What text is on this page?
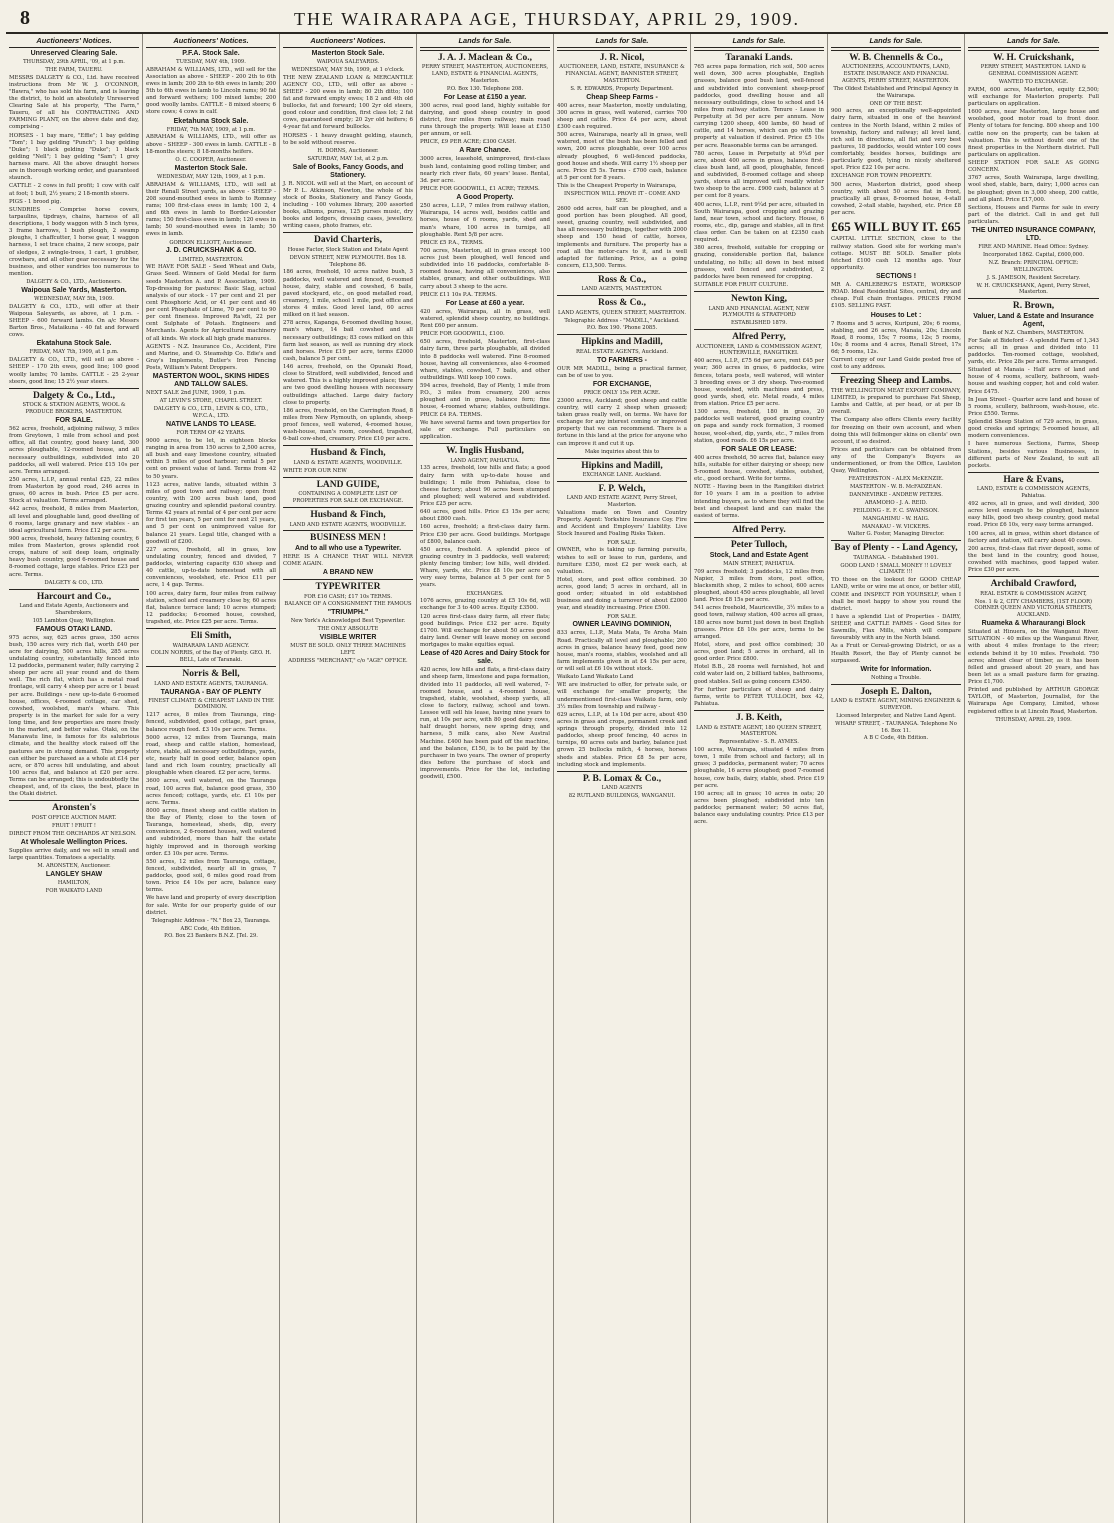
8	THE WAIRARAPA AGE, THURSDAY, APRIL 29, 1909.
Auctioneers' Notices.
Unreserved Clearing Sale.
THURSDAY, 29th APRIL, '09, at 1 p.m.
THE FARM, TAUERU.
MESSRS DALGETY & CO., Ltd. have received instructions from Mr W. J. O'CONNOR, "Bawra," who has sold his farm, and is leaving the district, to hold an absolutely Unreserved Clearing Sale at his property, "The Farm," Taueru, of all his CONTRACTING AND FARMING PLANT, on the above date and day, comprising -
HORSES - 1 bay mare, "Effie"; 1 bay gelding "Tom"; 1 bay gelding "Punch"; 1 bay gelding "Duke"; 1 black gelding "Duke"; 1 black gelding "Nell"; 1 bay gelding "Sam"; 1 grey harness mare. All the above draught horses are in thorough working order, and guaranteed staunch.
CATTLE - 2 cows in full profit; 1 cow with calf at foot; 1 bull, 2½ years; 2 18-month steers.
PIGS - 1 brood pig.
SUNDRIES - Comprise horse covers, tarpaulins, tipdrays, chains, harness of all descriptions, 1 body waggon with 5 inch tyres, 3 frame harrows, 1 bush plough, 2 swamp ploughs, 1 chaffcutter, 1 horse gear, 1 waggon harness, 1 set trace chains, 2 new scoops, pair of sledges, 2 swingle-trees, 1 cart, 1 grubber, crowbars, and all other gear necessary for the business, and other sundries too numerous to mention.
DALGETY & CO., LTD., Auctioneers.
Waipoua Sale Yards, Masterton.
WEDNESDAY, MAY 5th, 1909.
DALGETY & CO., LTD., will offer at their Waipoua Saleyards, as above, at 1 p.m. - SHEEP - 600 forward lambs. On a/c Messrs Barton Bros., Mataikuna - 40 fat and forward cows.
Ekatahuna Stock Sale.
FRIDAY, MAY 7th, 1909, at 1 p.m.
DALGETY & CO., LTD., will sell as above - SHEEP - 170 2th ewes, good line; 100 good woolly lambs; 70 lambs. CATTLE - 25 2-year steers, good line; 15 2½ year steers.
Dalgety & Co., Ltd.,
STOCK & STATION AGENTS, WOOL & PRODUCE BROKERS, MASTERTON.
FOR SALE.
562 acres, freehold, adjoining railway, 3 miles from Greytown, 1 mile from school and post office, all flat country, good heavy land, 300 acres ploughable, 12-roomed house, and all necessary outbuildings, subdivided into 20 paddocks, all well watered. Price £15 10s per acre. Terms arranged.
250 acres, L.I.P., annual rental £25, 22 miles from Masterton by good road, 246 acres in grass, 60 acres in bush. Price £5 per acre. Stock at valuation. Terms arranged.
442 acres, freehold, 8 miles from Masterton, all level and ploughable land, good dwelling of 6 rooms, large granary and new stables - an ideal agricultural farm. Price £12 per acre.
900 acres, freehold, heavy fattening country, 6 miles from Masterton, grows splendid root crops, nature of soil deep loam, originally heavy bush country, good 6-roomed house and 8-roomed cottage, large stables. Price £23 per acre. Terms.
DALGETY & CO., LTD.
Harcourt and Co.,
Land and Estate Agents, Auctioneers and Sharebrokers,
105 Lambton Quay, Wellington.
FAMOUS OTAKI LAND.
975 acres, say, 625 acres grass, 350 acres bush, 150 acres very rich flat, worth £40 per acre for dairying, 500 acres hills, 285 acres undulating country, substantially fenced into 12 paddocks, permanent water, fully carrying 2 sheep per acre all year round and do them well. The rich flat, which has a metal road frontage, will carry 4 sheep per acre or 1 beast per acre. Buildings - new up-to-date 6-roomed house, offices, 4-roomed cottage, car shed, cowshed, woolshed, man's whare. This property is in the market for sale for a very long time, and few properties are more freely in the market, and better value. Otaki, on the Manawatu line, is famous for its salubrious climate, and the healthy stock raised off the pastures are in strong demand. This property can either be purchased as a whole at £14 per acre, or 870 acres hill undulating, and about 100 acres flat, and balance at £20 per acre. Terms can be arranged; this is undoubtedly the cheapest, and, of its class, the best, place in the Otaki district.
Aronsten's
POST OFFICE AUCTION MART.
FRUIT ! FRUIT !
DIRECT FROM THE ORCHARDS AT NELSON.
At Wholesale Wellington Prices.
Supplies arrive daily, and we sell in small and large quantities. Tomatoes a speciality.
M. ARONSTEN, Auctioneer.
LANGLEY SHAW
HAMILTON,
FOR WAIKATO LAND
Auctioneers' Notices.
P.F.A. Stock Sale.
TUESDAY, MAY 4th, 1909.
ABRAHAM & WILLIAMS, LTD., will sell for the Association as above - SHEEP - 200 2th to 6th ewes in lamb; 200 2th to 6th ewes in lamb; 200 5th to 6th ewes in lamb to Lincoln rams; 90 fat and forward wethers; 100 mixed lambs; 200 good woolly lambs. CATTLE - 8 mixed steers; 6 store cows; 4 cows in calf.
Eketahuna Stock Sale.
FRIDAY, 7th MAY, 1909, at 1 p.m.
ABRAHAM & WILLIAMS, LTD., will offer as above - SHEEP - 300 ewes in lamb. CATTLE - 8 18-months steers; 8 18-months heifers.
O. C. COOPER, Auctioneer.
Masterton Stock Sale.
WEDNESDAY, MAY 12th, 1909, at 1 p.m.
ABRAHAM & WILLIAMS, LTD., will sell at their Renall Street yards, as above - SHEEP - 208 sound-mouthed ewes in lamb to Romney rams; 100 first-class ewes in lamb; 100 2, 4 and 6th ewes in lamb to Border-Leicester rams; 150 first-class ewes in lamb; 120 ewes in lamb; 50 sound-mouthed ewes in lamb; 50 ewes in lamb.
GORDON ELLIOTT, Auctioneer.
J. D. CRUICKSHANK & CO.
LIMITED, MASTERTON.
WE HAVE FOR SALE - Seed Wheat and Oats, Grass Seed. Winners of Gold Medal for farm seeds Masterton A. and P. Association, 1909. Top-dressing for pastures: Basic Slag, actual analysis of our stock - 17 per cent and 21 per cent Phosphoric Acid, or 41 per cent and 46 per cent Phosphate of Lime, 70 per cent to 90 per cent fineness. Improved Ra'sdt, 22 per cent Sulphate of Potash. Engineers and Merchants. Agents for Agricultural machinery of all kinds. We stock all high grade manures.
AGENTS - N.Z. Insurance Co., Accident, Fire and Marine, and O. Steamship Co. Edie's and Gray's Implements, Butler's Iron Fencing Posts, William's Patent Droppers.
MASTERTON WOOL, SKINS HIDES AND TALLOW SALES.
NEXT SALE 2nd JUNE, 1909, 1 p.m.
AT LEVIN'S STORE, CHAPEL STREET.
DALGETY & CO., LTD., LEVIN & CO., LTD., W.F.C.A., LTD.
NATIVE LANDS TO LEASE.
FOR TERM OF 42 YEARS.
9000 acres, to be let, in eighteen blocks ranging in area from 150 acres to 2,500 acres, all bush and easy limestone country, situated within 5 miles of good harbour; rental 5 per cent on present value of land. Terms from 42 to 50 years.
1123 acres, native lands, situated within 3 miles of good town and railway; open front country, with 200 acres bush land, good grazing country and splendid pastoral country. Terms 42 years at rental of 4 per cent per acre for first ten years, 5 per cent for next 21 years, and 5 per cent on unimproved value for balance 21 years. Legal title, changed with a goodwill of £200.
227 acres, freehold, all in grass, low undulating country, fenced and divided, 7 paddocks, wintering capacity 630 sheep and 40 cattle, up-to-date homestead with all conveniences, woolshed, etc. Price £11 per acre, 1 4 gap. Terms.
100 acres, dairy farm, four miles from railway station, school and creamery close by, 60 acres flat, balance terrace land; 10 acres stumped; 12 paddocks; 6-roomed house, cowshed, trapshed, etc. Price £25 per acre. Terms.
Eli Smith,
WAIRARAPA LAND AGENCY.
COLIN NORRIS, of the Bay of Plenty. GEO. H. BELL, Late of Taranaki.
Norris & Bell,
LAND AND ESTATE AGENTS, TAURANGA.
TAURANGA - BAY OF PLENTY
FINEST CLIMATE & CHEAPEST LAND IN THE DOMINION.
1217 acres, 8 miles from Tauranga, ring-fenced, subdivided, good cottage, part grass, balance rough feed. £3 10s per acre. Terms.
5000 acres, 12 miles from Tauranga, main road, sheep and cattle station, homestead, store, stable, all necessary outbuildings, yards, etc, nearly half in good order, balance open land and rich loam country, practically all ploughable when cleared. £2 per acre, terms.
3600 acres, well watered, on the Tauranga road, 100 acres flat, balance good grass, 350 acres fenced; cottage, yards, etc. £1 10s per acre. Terms.
8000 acres, finest sheep and cattle station in the Bay of Plenty, close to the town of Tauranga, homestead, sheds, dip, every convenience, 2 6-roomed houses, well watered and subdivided, more than half the estate highly improved and in thorough working order. £3 10s per acre. Terms.
550 acres, 12 miles from Tauranga, cottage, fenced, subdivided, nearly all in grass, 7 paddocks, good soil, 6 miles good road from town. Price £4 10s per acre, balance easy terms.
We have land and property of every description for sale. Write for our property guide of our district.
Telegraphic Address - "N." Box 23, Tauranga.
ABC Code, 4th Edition.
P.O. Box 23 Bankers B.N.Z. [Tel. 29.
Auctioneers' Notices.
Masterton Stock Sale.
WAIPOUA SALEYARDS.
WEDNESDAY, MAY 5th, 1909, at 1 o'clock.
THE NEW ZEALAND LOAN & MERCANTILE AGENCY CO., LTD., will offer as above - SHEEP - 200 ewes in lamb; 80 2th ditto; 100 fat and forward empty ewes; 18 2 and 4th old bullocks, fat and forward; 100 2yr old steers, good colour and condition, first class lot; 2 fat cows, guaranteed empty; 20 2yr old heifers; 6 4-year fat and forward bullocks.
HORSES - 1 heavy draught gelding, staunch, to be sold without reserve.
H. DORNS, Auctioneer.
SATURDAY, MAY 1st, at 2 p.m.
Sale of Books, Fancy Goods, and Stationery.
J. R. NICOL will sell at the Mart, on account of Mr P. L. Atkinson, Newton, the whole of his stock of Books, Stationery and Fancy Goods, including - 100 volumes library, 200 assorted books, albums, purses, 125 purses music, dry books and ledgers, dressing cases, jewellery, writing cases, photo frames, etc.
David Charteris,
House Factor, Stock Station and Estate Agent
DEVON STREET, NEW PLYMOUTH. Box 18. Telephone 86.
186 acres, freehold, 10 acres native bush, 3 paddocks, well watered and fenced, 6-roomed house, dairy, stable and cowshed, 6 bails, paved stockyard, etc., on good metalled road, creamery, 1 mile, school 1 mile, post office and stores 4 miles. Good level land, 60 acres milked on it last season.
278 acres, Kapanga, 6-roomed dwelling house, man's whare, 14 bail cowshed and all necessary outbuildings; 83 cows milked on this farm last season, as well as running dry stock and horses. Price £19 per acre, terms £2000 cash, balance 5 per cent.
146 acres, freehold, on the Opunaki Road, close to Stratford, well subdivided, fenced and watered. This is a highly improved place; there are two good dwelling houses with necessary outbuildings attached. Large dairy factory close to property.
186 acres, freehold, on the Carrington Road, 8 miles from New Plymouth, on uplands, sheep-proof fences, well watered, 4-roomed house, wash-house, man's room, cowshed, trapshed, 6-bail cow-shed, creamery. Price £10 per acre.
Husband & Finch,
LAND & ESTATE AGENTS, WOODVILLE.
WRITE FOR OUR NEW
LAND GUIDE,
CONTAINING A COMPLETE LIST OF PROPERTIES FOR SALE OR EXCHANGE.
Husband & Finch,
LAND AND ESTATE AGENTS, WOODVILLE.
BUSINESS MEN !
And to all who use a Typewriter.
HERE IS A CHANCE THAT WILL NEVER COME AGAIN.
A BRAND NEW
TYPEWRITER
FOR £16 CASH; £17 10s TERMS.
BALANCE OF A CONSIGNMENT THE FAMOUS
"TRIUMPH."
New York's Acknowledged Best Typewriter.
THE ONLY ABSOLUTE
VISIBLE WRITER
MUST BE SOLD. ONLY THREE MACHINES LEFT.
ADDRESS "MERCHANT," c/o "AGE" OFFICE.
Lands for Sale.
J. A. J. Maclean & Co.,
PERRY STREET, MASTERTON, AUCTIONEERS, LAND, ESTATE & FINANCIAL AGENTS, Masterton.
P.O. Box 130. Telephone 208.
For Lease at £150 a year.
300 acres, real good land, highly suitable for dairying, and good sheep country in good district, four miles from railway; main road runs through the property. Will lease at £150 per annum, or sell.
PRICE, £9 PER ACRE; £300 CASH.
A Rare Chance.
3000 acres, leasehold, unimproved, first-class bush land, containing good rolling timber, and nearly rich river flats, 60 years' lease. Rental, 3d. per acre.
PRICE FOR GOODWILL, £1 ACRE; TERMS.
A Good Property.
250 acres, L.I.P., 7 miles from railway station, Wairarapa, 14 acres well, besides cattle and horses, house of 6 rooms, yards, shed and man's whare, 100 acres in turnips, all ploughable. Rent 5/8 per acre.
PRICE £5 P.A., TERMS.
700 acres, Masterton, all in grass except 100 acres just been ploughed, well fenced and subdivided into 16 paddocks, comfortable 8-roomed house, having all conveniences, also stables, granary, and other outbuildings. Will carry about 3 sheep to the acre.
PRICE £11 10s P.A. TERMS.
For Lease at £60 a year.
420 acres, Wairarapa, all in grass, well watered, splendid sheep country, no buildings. Rent £60 per annum.
PRICE FOR GOODWILL, £100.
650 acres, freehold, Masterton, first-class dairy farm, three parts ploughable, all divided into 8 paddocks well watered. Fine 8-roomed house, having all conveniences, also 4-roomed whare, stables, cowshed, 7 bails, and other outbuildings. Will keep 100 cows.
594 acres, freehold, Bay of Plenty, 1 mile from P.O., 3 miles from creamery, 200 acres ploughed and in grass, balance fern; fine house, 4-roomed whare; stables, outbuildings. PRICE £4 P.A. TERMS.
We have several farms and town properties for sale or exchange. Full particulars on application.
W. Inglis Husband,
LAND AGENT, PAHIATUA.
135 acres, freehold, low hills and flats; a good dairy farm with up-to-date house and buildings; 1 mile from Pahiatua, close to cheese factory; about 90 acres been stumped and ploughed; well watered and subdivided. Price £25 per acre.
640 acres, good hills. Price £3 15s per acre; about £800 cash.
160 acres, freehold; a first-class dairy farm. Price £30 per acre. Good buildings. Mortgage of £800, balance cash.
450 acres, freehold. A splendid piece of grazing country in 3 paddocks, well watered; plenty fencing timber; low hills, well divided. Whare, yards, etc. Price £8 10s per acre on very easy terms, balance at 5 per cent for 5 years.
EXCHANGES.
1076 acres, grazing country at £5 10s 6d, will exchange for 3 to 400 acres. Equity £3500.
120 acres first-class dairy farm, all river flats; good buildings. Price £32 per acre. Equity £1700. Will exchange for about 50 acres good dairy land. Owner will leave money on second mortgages to make equities equal.
Lease of 420 Acres and Dairy Stock for sale.
420 acres, low hills and flats, a first-class dairy and sheep farm, limestone and papa formation, divided into 11 paddocks, all well watered, 7-roomed house, and a 4-roomed house, trapshed, stable, woolshed, sheep yards, all close to factory, railway, school and town. Lessee will sell his lease, having nine years to run, at 10s per acre, with 80 good dairy cows, half draught horses, new spring dray, and harness, 5 milk cans, also New Austral Machine. £400 has been paid off the machine, and the balance, £150, is to be paid by the purchaser in two years. The owner of property dies before the purchase of stock and improvements. Price for the lot, including goodwill, £500.
Lands for Sale.
J. R. Nicol,
AUCTIONEER, LAND, ESTATE, INSURANCE & FINANCIAL AGENT, BANNISTER STREET, MASTERTON.
S. R. EDWARDS, Property Department.
Cheap Sheep Farms -
400 acres, near Masterton, mostly undulating, 300 acres in grass, well watered, carries 700 sheep and cattle. Price £4 per acre, about £300 cash required.
500 acres, Wairarapa, nearly all in grass, well watered, most of the bush has been felled and sown, 200 acres ploughable, over 100 acres already ploughed, 6 well-fenced paddocks, good house and sheds. Will carry 1½ sheep per acre. Price £5 5s. Terms - £700 cash, balance at 5 per cent for 8 years.
This is the Cheapest Property in Wairarapa,
INSPECTION WILL PROVE IT - COME AND SEE.
2600 odd acres, half can be ploughed, and a good portion has been ploughed. All good, sweet, grazing country, well subdivided, and has all necessary buildings, together with 2000 sheep and 150 head of cattle, horses, implements and furniture. The property has a road all the motor-cars to it, and is well adapted for fattening. Price, as a going concern, £13,500. Terms.
Ross & Co.,
LAND AGENTS, MASTERTON.
Ross & Co.,
LAND AGENTS, QUEEN STREET, MASTERTON.
Telegraphic Address - "MADILL," Auckland.
P.O. Box 190. 'Phone 2085.
Hipkins and Madill,
REAL ESTATE AGENTS, Auckland.
TO FARMERS -
OUR MR MADILL, being a practical farmer, can be of use to you.
FOR EXCHANGE,
PRICE ONLY 15s PER ACRE.
23000 acres, Auckland; good sheep and cattle country, will carry 2 sheep when grassed; taken grass really well, on terms. We have for exchange for any interest coming or improved property that we can recommend. There is a fortune in this land at the price for anyone who can improve it and cut it up.
Make inquiries about this to
Hipkins and Madill,
EXCHANGE LANE. Auckland.
F. P. Welch,
LAND AND ESTATE AGENT, Perry Street, Masterton.
Valuations made on Town and Country Property. Agent: Yorkshire Insurance Coy. Fire and Accident and Employers' Liability. Live Stock Insured and Foaling Risks Taken.
FOR SALE.
OWNER, who is taking up farming pursuits, wishes to sell or lease to run, gardens, and furniture £350, most £2 per week each, at valuation.
Hotel, store, and post office combined. 30 acres, good land; 5 acres in orchard, all in good order; situated in old established business and doing a turnover of about £2000 year, and steadily increasing. Price £500.
FOR SALE.
OWNER LEAVING DOMINION,
833 acres, L.I.P., Mata Mata, Te Aroha Main Road. Practically all level and ploughable; 200 acres in grass, balance heavy feed, good new house, man's rooms, stables, woolshed and all farm implements given in at £4 15s per acre, or will sell at £6 10s without stock.
Waikato Land Waikato Land
WE are instructed to offer, for private sale, or will exchange for smaller property, the undermentioned first-class Waikato farm, only 3½ miles from township and railway -
629 acres, L.I.P., at 1s 10d per acre, about 450 acres in grass and crops, permanent creek and springs through property, divided into 12 paddocks, sheep proof fencing, 40 acres in turnips, 60 acres oats and barley, balance just grown 25 bullocks milch, 4 horses, horses sheds and stables. Price £8 5s per acre, including stock and implements.
P. B. Lomax & Co.,
LAND AGENTS
82 RUTLAND BUILDINGS, WANGANUI.
Lands for Sale.
Taranaki Lands.
765 acres papa formation, rich soil, 500 acres well down, 300 acres ploughable, English grasses, balance good bush land, well-fenced and subdivided into convenient sheep-proof paddocks, good dwelling house and all necessary outbuildings, close to school and 14 miles from railway station. Tenure - Lease in Perpetuity at 5d per acre per annum. Now carrying 1200 sheep, 400 lambs, 60 head of cattle, and 14 horses, which can go with the property at valuation if desired. Price £5 10s per acre. Reasonable terms can be arranged.
780 acres, Lease in Perpetuity at 9¼d per acre, about 400 acres in grass, balance first-class bush land, all good, ploughable, fenced and subdivided, 8-roomed cottage and sheep yards, stores all improved will readily winter two sheep to the acre. £900 cash, balance at 5 per cent for 8 years.
400 acres, L.I.P., rent 9¼d per acre, situated in South Wairarapa, good cropping and grazing land, near town, school and factory. House, 6 rooms, etc., dip, garage and stables, all in first class order. Can be taken on at £2350 cash required.
380 acres, freehold, suitable for cropping or grazing, considerable portion flat, balance undulating, no hills; all down in best mixed grasses, well fenced and subdivided, 2 paddocks have been renewed for cropping.
SUITABLE FOR FRUIT CULTURE.
Newton King,
LAND AND FINANCIAL AGENT, NEW PLYMOUTH & STRATFORD
ESTABLISHED 1879.
Alfred Perry,
AUCTIONEER, LAND & COMMISSION AGENT, HUNTERVILLE, RANGITIKEI.
400 acres, L.I.P., £75 6d per acre, rent £45 per year; 360 acres in grass, 6 paddocks, wire fences, totara posts, well watered, will winter 3 breeding ewes or 3 dry sheep. Two-roomed house, woolshed, with machines and press, good yards, shed, etc. Metal roads, 4 miles from station. Price £5 per acre.
1300 acres, freehold, 180 in grass, 20 paddocks well watered, good grazing country on papa and sandy rock formation, 3 roomed house, wool-shed, dip, yards, etc., 7 miles from station, good roads. £6 15s per acre.
FOR SALE OR LEASE:
400 acres freehold, 50 acres flat, balance easy hills, suitable for either dairying or sheep; new 5-roomed house, cowshed, stables, outshed, etc., good orchard. Write for terms.
NOTE - Having been in the Rangitikei district for 10 years I am in a position to advise intending buyers, as to where they will find the best and cheapest land and can make the easiest of terms.
Alfred Perry.
Peter Tulloch,
Stock, Land and Estate Agent
MAIN STREET, PAHIATUA.
709 acres freehold; 3 paddocks, 12 miles from Napier, 3 miles from store, post office, blacksmith shop, 2 miles to school, 600 acres ploughed, about 450 acres ploughable, all level land. Price £8 15s per acre.
541 acres freehold, Mauriceville, 3½ miles to a good town, railway station, 400 acres all grass, 180 acres now burnt just down in best English grasses. Price £8 10s per acre, terms to be arranged.
Hotel, store, and post office combined; 30 acres, good land; 5 acres in orchard, all in good order. Price £800.
Hotel B.B., 28 rooms well furnished, hot and cold water laid on, 2 billiard tables, bathrooms, good stables. Sell as going concern £3450.
For further particulars of sheep and dairy farms, write to PETER TULLOCH, box 42, Pahiatua.
J. B. Keith,
LAND & ESTATE AGENT, 180 QUEEN STREET, MASTERTON.
Representative - S. R. AYMES.
100 acres, Wairarapa, situated 4 miles from town, 1 mile from school and factory; all in grass; 3 paddocks, permanent water; 70 acres ploughable, 16 acres ploughed; good 7-roomed house, cow bails, dairy, stable, shed. Price £19 per acre.
190 acres; all in grass; 10 acres in oats; 20 acres been ploughed; subdivided into ten paddocks; permanent water; 50 acres flat, balance easy undulating country. Price £13 per acre.
Lands for Sale.
W. B. Chennells & Co.,
AUCTIONEERS, ACCOUNTANTS, LAND, ESTATE INSURANCE AND FINANCIAL AGENTS, PERRY STREET, MASTERTON.
The Oldest Established and Principal Agency in the Wairarapa.
ONE OF THE BEST.
900 acres, an exceptionally well-appointed dairy farm, situated in one of the heaviest centres in the North Island, within 2 miles of township, factory and railway; all level land, rich soil in directions, all flat and very best pastures, 18 paddocks, would winter 100 cows comfortably, besides horses, buildings are particularly good, lying in nicely sheltered spot. Price £22 10s per acre.
EXCHANGE FOR TOWN PROPERTY.
500 acres, Masterton district, good sheep country, with about 50 acres flat in front, practically all grass, 8-roomed house, 4-stall cowshed, 2-stall stable, hayshed, etc. Price £8 per acre.
£65 WILL BUY IT. £65
CAPITAL LITTLE SECTION, close to the railway station. Good site for working man's cottage. MUST BE SOLD. Smaller plots fetched £100 cash 12 months ago. Your opportunity.
SECTIONS !
MR A. CARLEBERG'S ESTATE, WORKSOP ROAD. Ideal Residential Sites, central, dry and cheap. Full chain frontages. PRICES FROM £105. SELLING FAST.
Houses to Let :
7 Rooms and 5 acres, Kuripuni, 20s; 6 rooms, stabling, and 26 acres, Manaia, 20s; Lincoln Road, 8 rooms, 15s; 7 rooms, 12s; 5 rooms, 10s; 8 rooms and 4 acres, Renall Street, 17s 6d; 5 rooms, 12s.
Current copy of our Land Guide posted free of cost to any address.
Freezing Sheep and Lambs.
THE WELLINGTON MEAT EXPORT COMPANY, LIMITED, is prepared to purchase Fat Sheep, Lambs and Cattle, at per head, or at per lb overall.
The Company also offers Clients every facility for freezing on their own account, and when doing this will fellmonger skins on clients' own account, if so desired.
Prices and particulars can be obtained from any of the Company's Buyers as undermentioned, or from the Office, Laulston Quay, Wellington.
FEATHERSTON - ALEX McKENZIE.
MASTERTON - W. B. McFADZEAN.
DANNEVIRKE - ANDREW PETERS.
ARAMOHO - J. A. REID.
FEILDING - E. F. C. SWAINSON.
MANGAHIMU - W. HAIG.
MANAKAU - W. VICKERS.
Walter G. Foster, Managing Director.
Bay of Plenty - - Land Agency,
TAURANGA. - Established 1901.
GOOD LAND ! SMALL MONEY !! LOVELY CLIMATE !!!
TO those on the lookout for GOOD CHEAP LAND, write or wire me at once, or better still, COME and INSPECT FOR YOURSELF, when I shall be most happy to show you round the district.
I have a splendid List of Properties - DAIRY, SHEEP, and CATTLE FARMS - Good Sites for Sawmills, Flax Mills, which will compare favourably with any in the North Island.
As a Fruit or Cereal-growing District, or as a Health Resort, the Bay of Plenty cannot be surpassed.
Write for Information.
Nothing a Trouble.
Joseph E. Dalton,
LAND & ESTATE AGENT, MINING ENGINEER & SURVEYOR.
Licensed Interpreter, and Native Land Agent.
WHARF STREET, - TAURANGA. Telephone No 16. Box 11.
A B C Code, 4th Edition.
Lands for Sale.
W. H. Cruickshank,
PERRY STREET, MASTERTON. LAND & GENERAL COMMISSION AGENT.
WANTED TO EXCHANGE.
FARM, 600 acres, Masterton, equity £2,500; will exchange for Masterton property. Full particulars on application.
1600 acres, near Masterton, large house and woolshed, good motor road to front door. Plenty of totara for fencing. 800 sheep and 100 cattle now on the property, can be taken at valuation. This is without doubt one of the finest properties in the Northern district. Full particulars on application.
SHEEP STATION FOR SALE AS GOING CONCERN.
3767 acres, South Wairarapa, large dwelling, wool shed, stable, barn, dairy; 1,000 acres can be ploughed; given in 3,000 sheep, 200 cattle, and all plant. Price £17,000.
Sections, Houses and Farms for sale in every part of the district. Call in and get full particulars.
THE UNITED INSURANCE COMPANY, LTD.
FIRE AND MARINE. Head Office: Sydney.
Incorporated 1862. Capital, £600,000.
N.Z. Branch: PRINCIPAL OFFICE: WELLINGTON.
J. S. JAMESON, Resident Secretary.
W. H. CRUICKSHANK, Agent, Perry Street, Masterton.
R. Brown,
Valuer, Land & Estate and Insurance Agent,
Bank of N.Z. Chambers, MASTERTON.
For Sale at Bideford - A splendid Farm of 1,343 acres; all in grass and divided into 11 paddocks. Ten-roomed cottage, woolshed, yards, etc. Price 28s per acre. Terms arranged.
Situated at Manaia - Half acre of land and house of 4 rooms, scullery, bathroom, wash-house and washing copper, hot and cold water. Price £475.
In Jean Street - Quarter acre land and house of 5 rooms, scullery, bathroom, wash-house, etc. Price £550. Terms.
Splendid Sheep Station of 729 acres, in grass, good creeks and springs; 5-roomed house, all modern conveniences.
I have numerous Sections, Farms, Sheep Stations, besides various Businesses, in different parts of New Zealand, to suit all pockets.
Hare & Evans,
LAND, ESTATE & COMMISSION AGENTS, Pahiatua.
492 acres, all in grass, and well divided, 300 acres level enough to be ploughed, balance easy hills, good two sheep country, good metal road. Price £6 10s, very easy terms arranged.
100 acres, all in grass, within short distance of factory and station, will carry about 40 cows.
200 acres, first-class flat river deposit, some of the best land in the country, good house, cowshed with machines, good tapped water. Price £30 per acre.
Archibald Crawford,
REAL ESTATE & COMMISSION AGENT,
Nos. 1 & 2, CITY CHAMBERS, (1ST FLOOR) CORNER QUEEN AND VICTORIA STREETS, AUCKLAND.
Ruameka & Wharaurangi Block
Situated at Hinuera, on the Wanganui River. SITUATION - 40 miles up the Wanganui River, with about 4 miles frontage to the river; extends behind it by 10 miles. Freehold. 750 acres; almost clear of timber, as it has been felled and grassed about 20 years, and has been let as a small pasture farm for grazing. Price £1,700.
Printed and published by ARTHUR GEORGE TAYLOR, of Masterton, Journalist, for the Wairarapa Age Company, Limited, whose registered office is at Lincoln Road, Masterton.
THURSDAY, APRIL 29, 1909.
